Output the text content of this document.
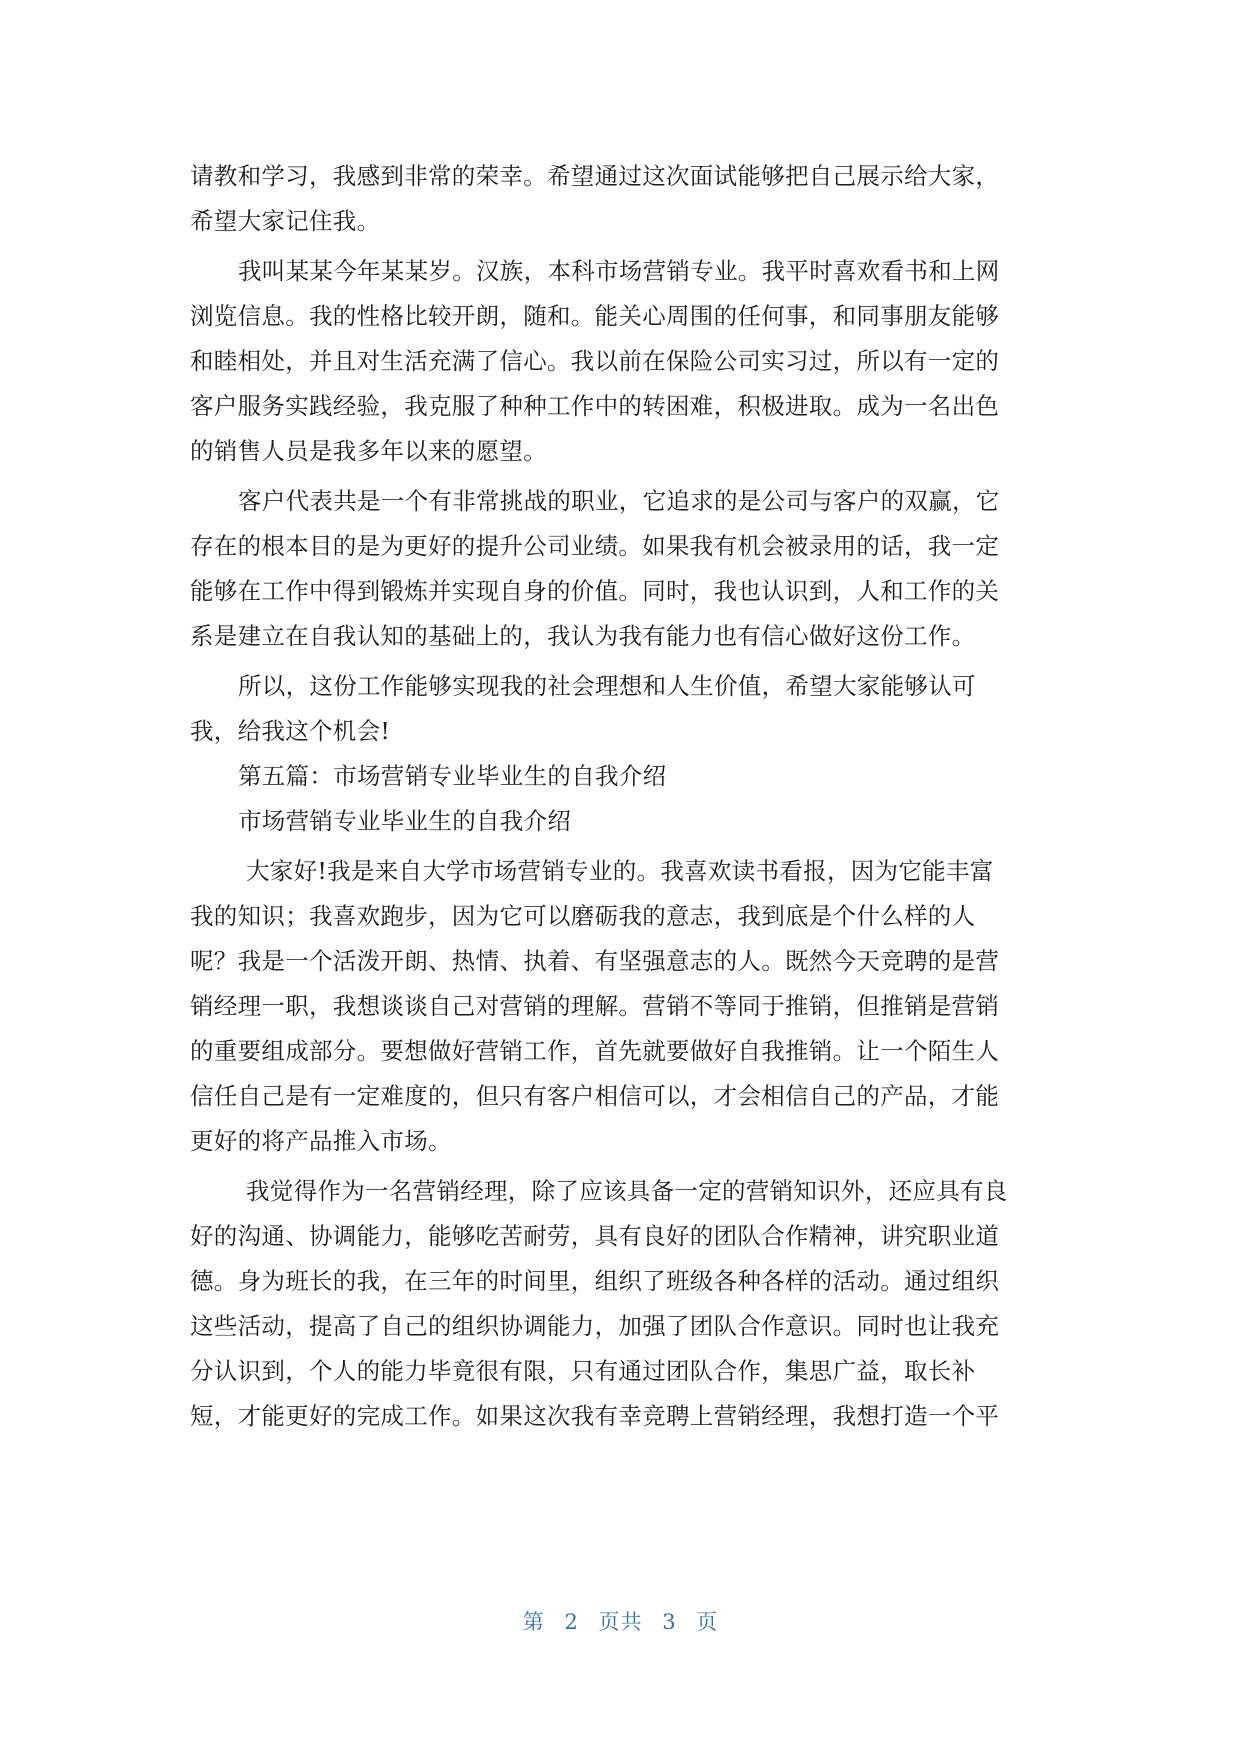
请教和学习，我感到非常的荣幸。希望通过这次面试能够把自己展示给大家，
希望大家记住我。
我叫某某今年某某岁。汉族，本科市场营销专业。我平时喜欢看书和上网
浏览信息。我的性格比较开朗，随和。能关心周围的任何事，和同事朋友能够
和睦相处，并且对生活充满了信心。我以前在保险公司实习过，所以有一定的
客户服务实践经验，我克服了种种工作中的转困难，积极进取。成为一名出色
的销售人员是我多年以来的愿望。
客户代表共是一个有非常挑战的职业，它追求的是公司与客户的双赢，它
存在的根本目的是为更好的提升公司业绩。如果我有机会被录用的话，我一定
能够在工作中得到锻炼并实现自身的价值。同时，我也认识到，人和工作的关
系是建立在自我认知的基础上的，我认为我有能力也有信心做好这份工作。
所以，这份工作能够实现我的社会理想和人生价值，希望大家能够认可
我，给我这个机会!
第五篇：市场营销专业毕业生的自我介绍
市场营销专业毕业生的自我介绍
大家好!我是来自大学市场营销专业的。我喜欢读书看报，因为它能丰富
我的知识；我喜欢跑步，因为它可以磨砺我的意志，我到底是个什么样的人
呢？我是一个活泼开朗、热情、执着、有坚强意志的人。既然今天竞聘的是营
销经理一职，我想谈谈自己对营销的理解。营销不等同于推销，但推销是营销
的重要组成部分。要想做好营销工作，首先就要做好自我推销。让一个陌生人
信任自己是有一定难度的，但只有客户相信可以，才会相信自己的产品，才能
更好的将产品推入市场。
我觉得作为一名营销经理，除了应该具备一定的营销知识外，还应具有良
好的沟通、协调能力，能够吃苦耐劳，具有良好的团队合作精神，讲究职业道
德。身为班长的我，在三年的时间里，组织了班级各种各样的活动。通过组织
这些活动，提高了自己的组织协调能力，加强了团队合作意识。同时也让我充
分认识到，个人的能力毕竟很有限，只有通过团队合作，集思广益，取长补
短，才能更好的完成工作。如果这次我有幸竞聘上营销经理，我想打造一个平
第 2 页共 3 页
